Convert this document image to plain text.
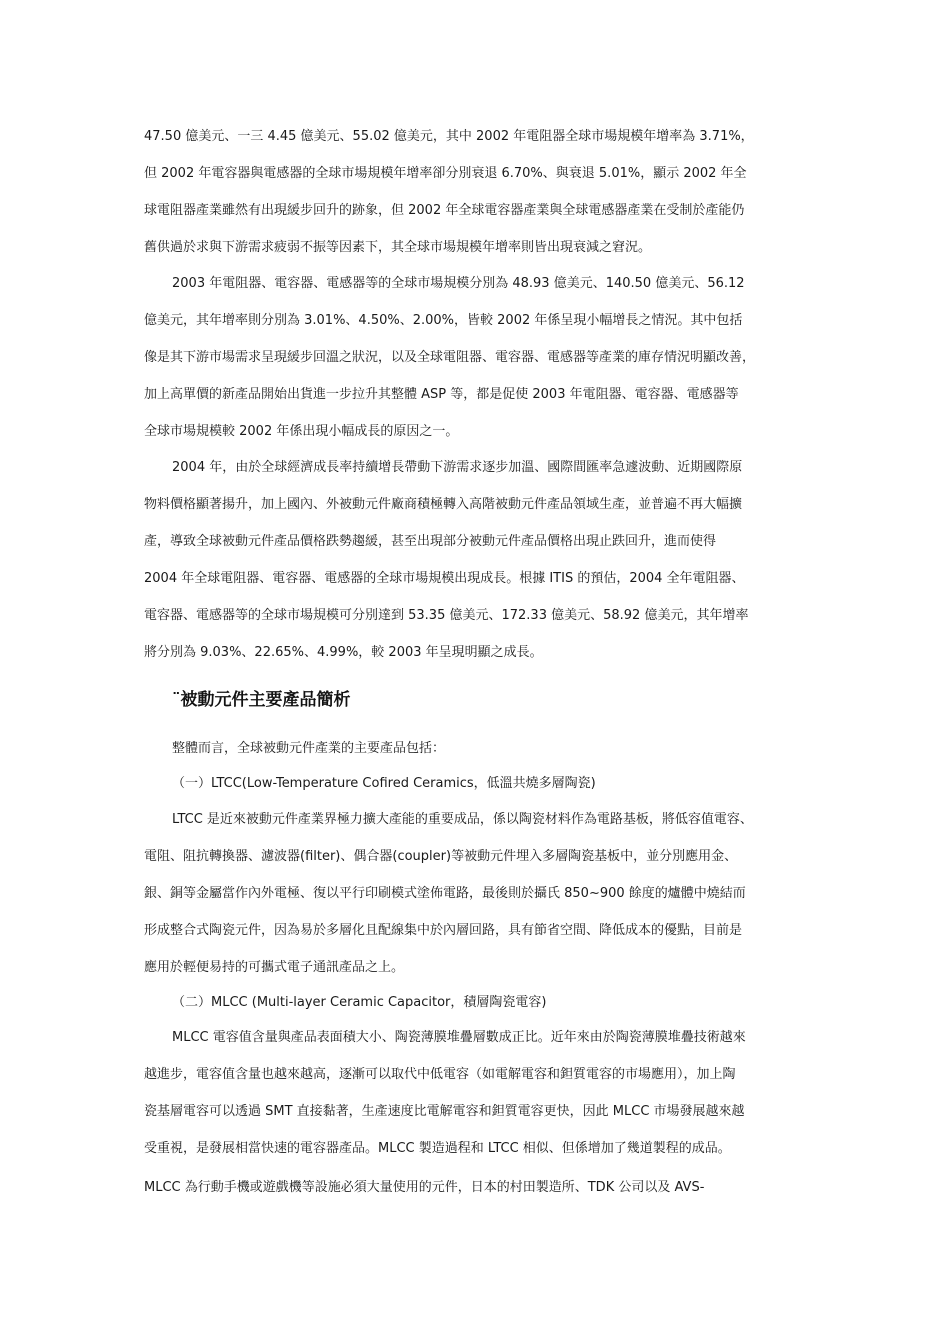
47.50 億美元、一三 4.45 億美元、55.02 億美元，其中 2002 年電阻器全球市場規模年增率為 3.71%，
但 2002 年電容器與電感器的全球市場規模年增率卻分別衰退 6.70%、與衰退 5.01%，顯示 2002 年全
球電阻器產業雖然有出現緩步回升的跡象，但 2002 年全球電容器產業與全球電感器產業在受制於產能仍
舊供過於求與下游需求疲弱不振等因素下，其全球市場規模年增率則皆出現衰減之窘況。
2003 年電阻器、電容器、電感器等的全球市場規模分別為 48.93 億美元、140.50 億美元、56.12
億美元，其年增率則分別為 3.01%、4.50%、2.00%，皆較 2002 年係呈現小幅增長之情況。其中包括
像是其下游市場需求呈現緩步回溫之狀況，以及全球電阻器、電容器、電感器等產業的庫存情況明顯改善，
加上高單價的新產品開始出貨進一步拉升其整體 ASP 等，都是促使 2003 年電阻器、電容器、電感器等
全球市場規模較 2002 年係出現小幅成長的原因之一。
2004 年，由於全球經濟成長率持續增長帶動下游需求逐步加溫、國際間匯率急遽波動、近期國際原
物料價格顯著揚升，加上國內、外被動元件廠商積極轉入高階被動元件產品領域生產，並普遍不再大幅擴
產，導致全球被動元件產品價格跌勢趨緩，甚至出現部分被動元件產品價格出現止跌回升，進而使得
2004 年全球電阻器、電容器、電感器的全球市場規模出現成長。根據 ITIS 的預估，2004 全年電阻器、
電容器、電感器等的全球市場規模可分別達到 53.35 億美元、172.33 億美元、58.92 億美元，其年增率
將分別為 9.03%、22.65%、4.99%，較 2003 年呈現明顯之成長。
¨被動元件主要產品簡析
整體而言，全球被動元件產業的主要產品包括：
（一）LTCC(Low-Temperature Cofired Ceramics，低溫共燒多層陶瓷)
LTCC 是近來被動元件產業界極力擴大產能的重要成品，係以陶瓷材料作為電路基板，將低容值電容、
電阻、阻抗轉換器、濾波器(filter)、偶合器(coupler)等被動元件埋入多層陶瓷基板中，並分別應用金、
銀、銅等金屬當作內外電極、復以平行印刷模式塗佈電路，最後則於攝氏 850~900 餘度的爐體中燒結而
形成整合式陶瓷元件，因為易於多層化且配線集中於內層回路，具有節省空間、降低成本的優點，目前是
應用於輕便易持的可攜式電子通訊產品之上。
（二）MLCC (Multi-layer Ceramic Capacitor，積層陶瓷電容)
MLCC 電容值含量與產品表面積大小、陶瓷薄膜堆疊層數成正比。近年來由於陶瓷薄膜堆疊技術越來
越進步，電容值含量也越來越高，逐漸可以取代中低電容（如電解電容和鉭質電容的市場應用），加上陶
瓷基層電容可以透過 SMT 直接黏著，生產速度比電解電容和鉭質電容更快，因此 MLCC 市場發展越來越
受重視，是發展相當快速的電容器產品。MLCC 製造過程和 LTCC 相似、但係增加了幾道製程的成品。
MLCC 為行動手機或遊戲機等設施必須大量使用的元件，日本的村田製造所、TDK 公司以及 AVS-
